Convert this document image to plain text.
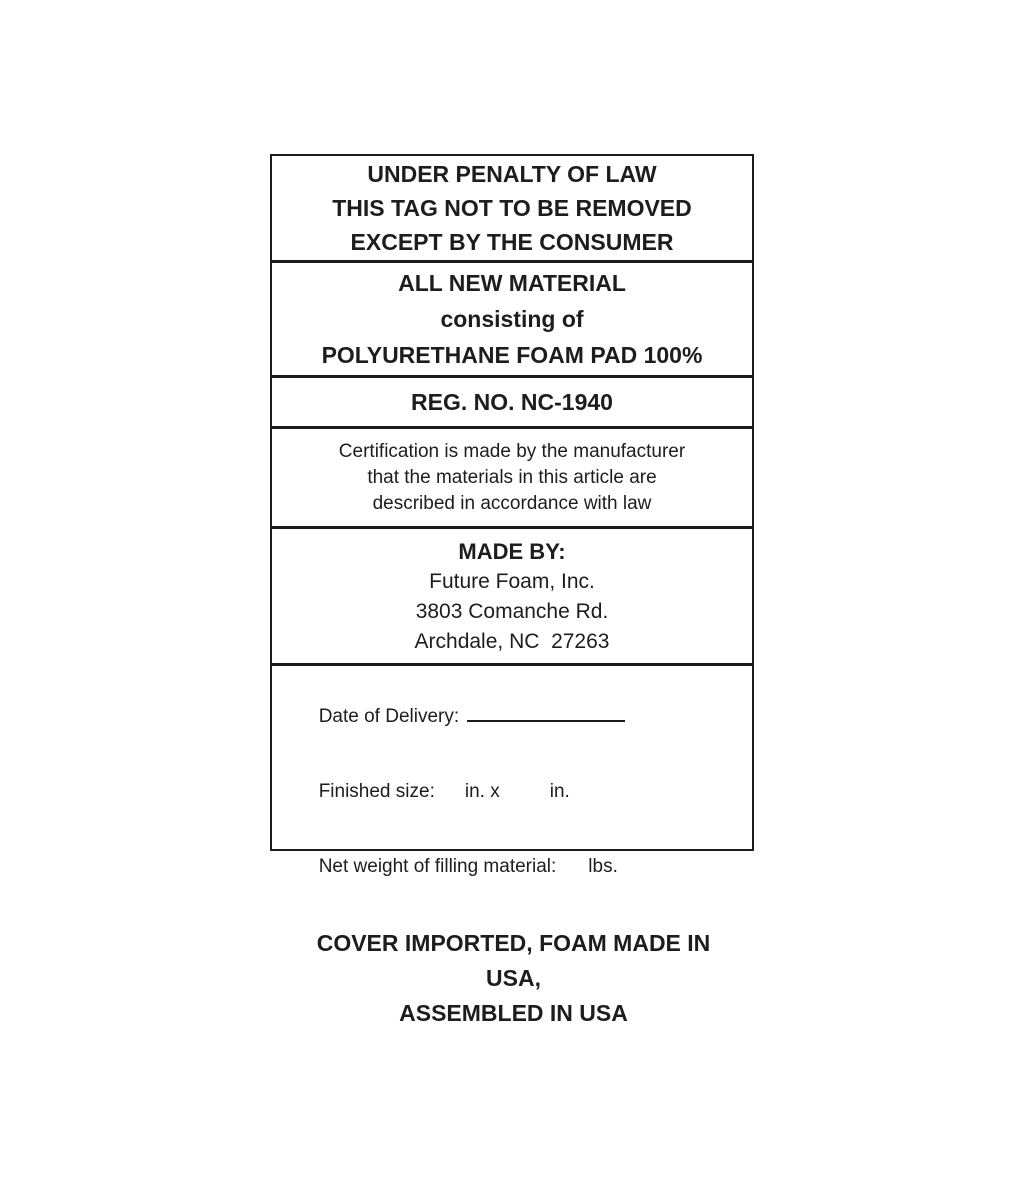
UNDER PENALTY OF LAW
THIS TAG NOT TO BE REMOVED
EXCEPT BY THE CONSUMER
ALL NEW MATERIAL
consisting of
POLYURETHANE FOAM PAD 100%
REG. NO. NC-1940
Certification is made by the manufacturer
that the materials in this article are
described in accordance with law
MADE BY:
Future Foam, Inc.
3803 Comanche Rd.
Archdale, NC  27263

Date of Delivery:

Finished size: in. x	in.

Net weight of filling material: lbs.

COVER IMPORTED, FOAM MADE IN USA,
ASSEMBLED IN USA
